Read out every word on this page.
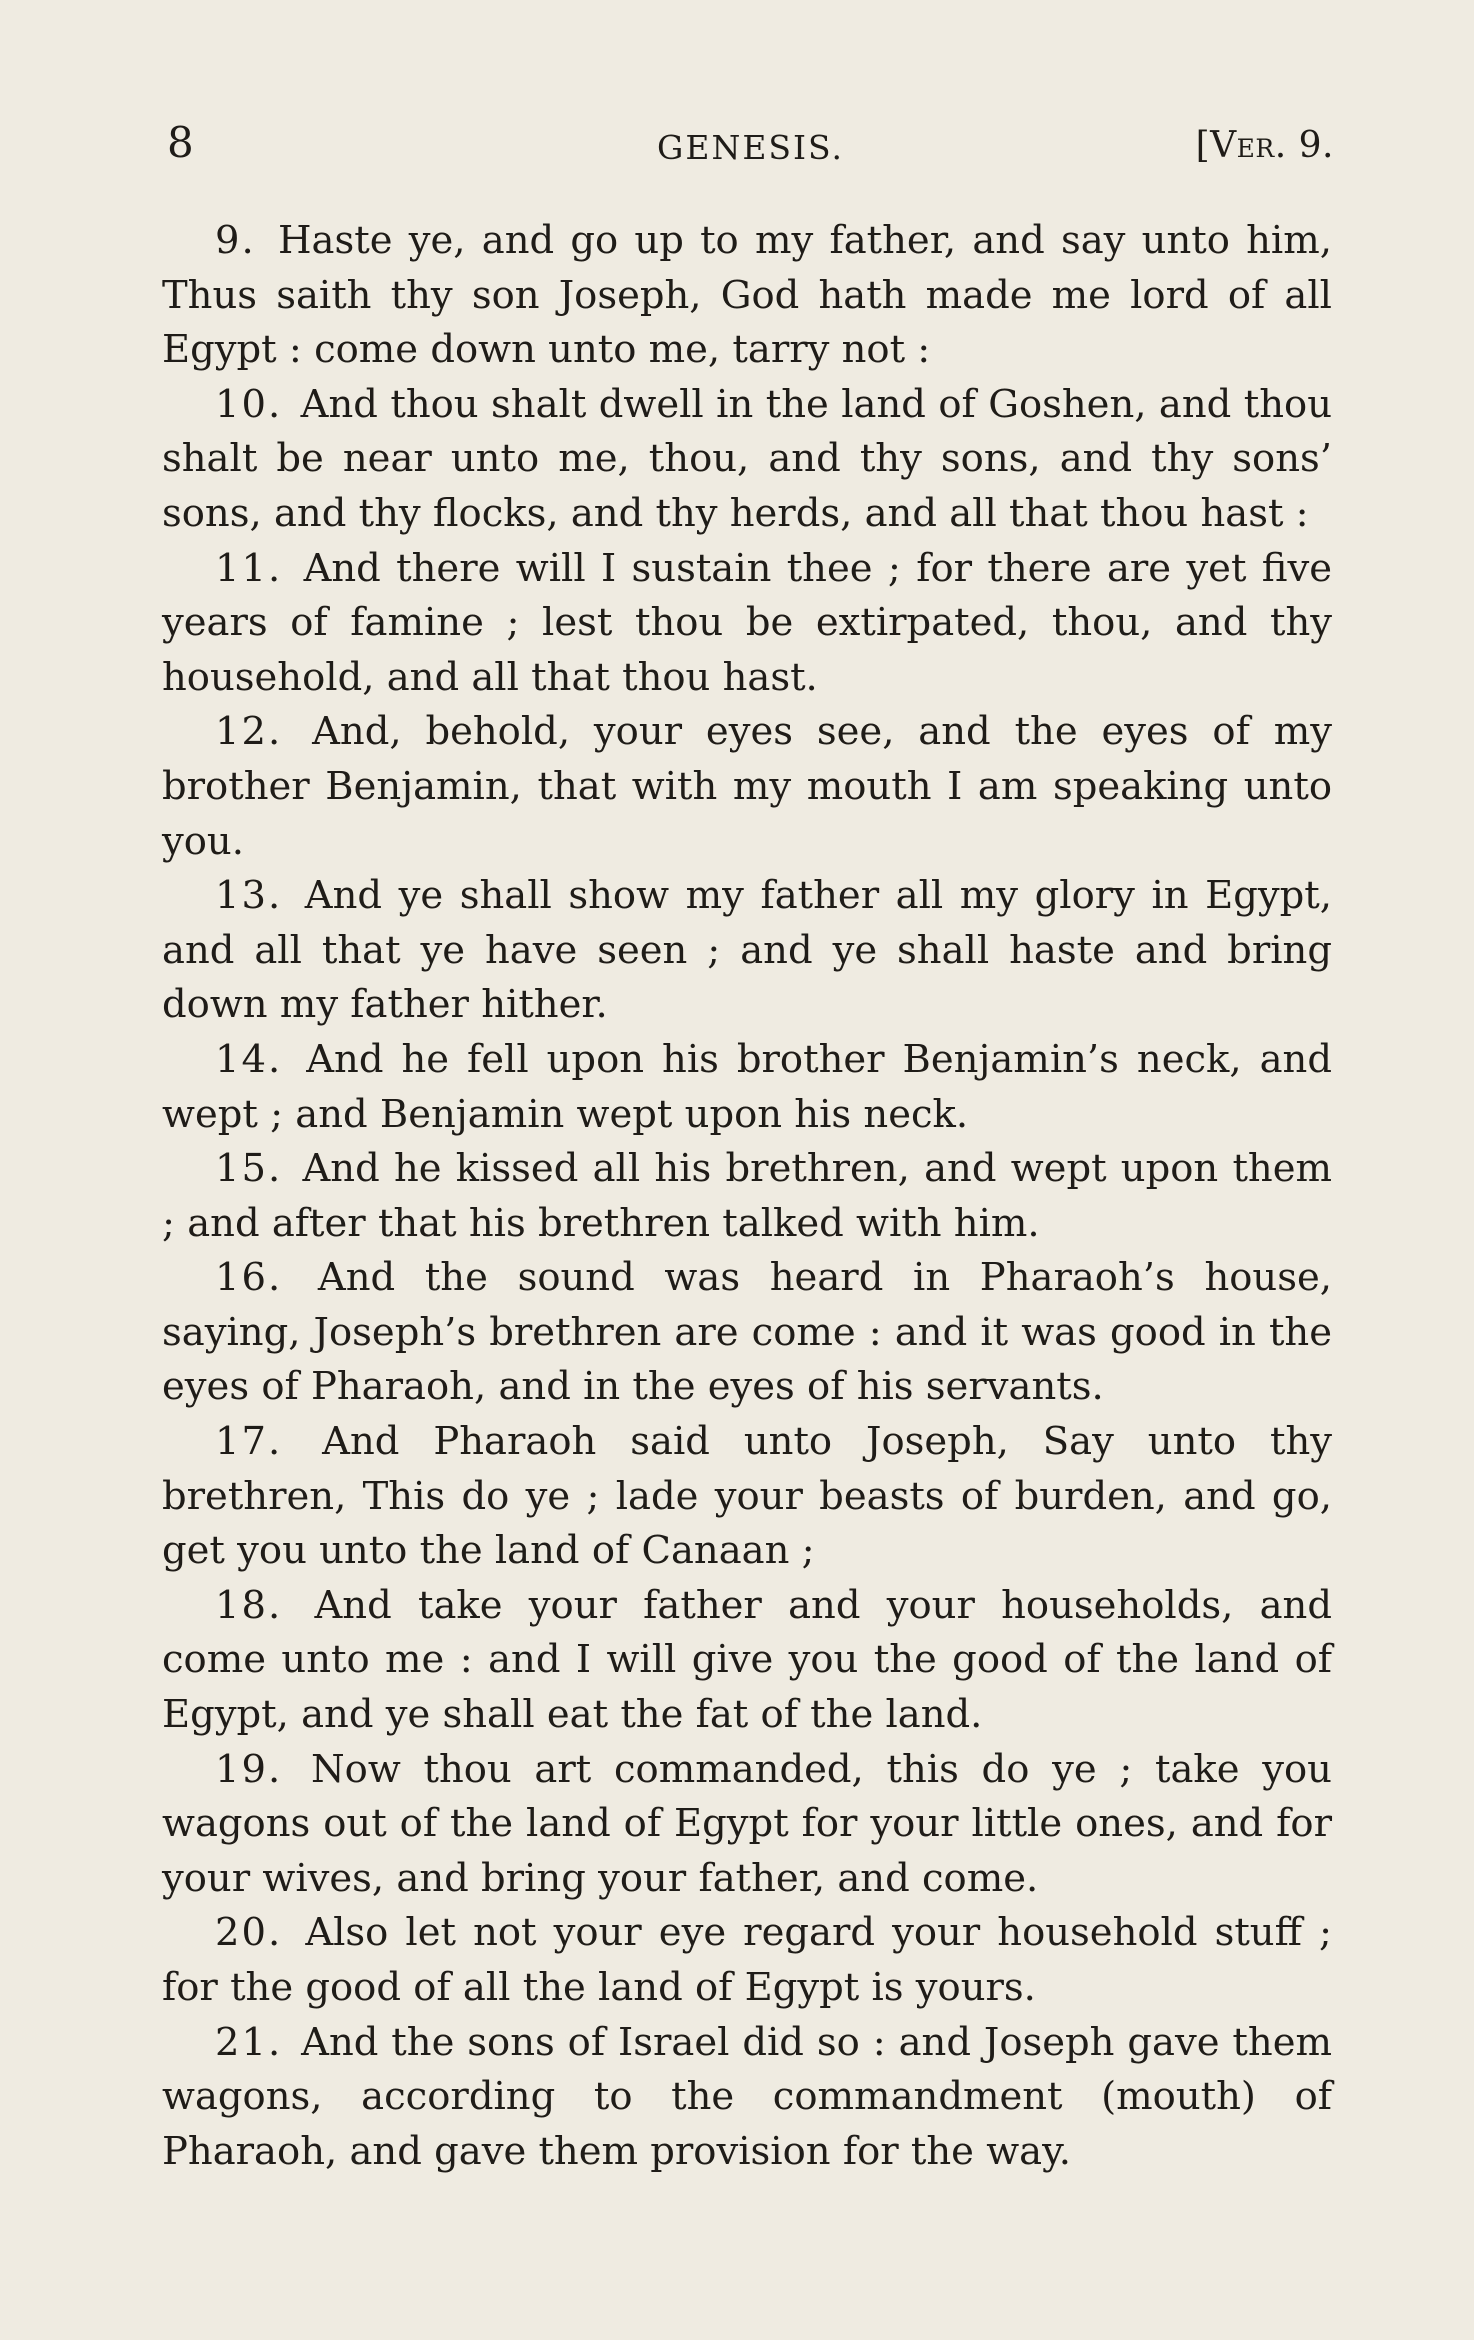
8	GENESIS.	[Ver. 9.

9. Haste ye, and go up to my father, and say unto him, Thus saith thy son Joseph, God hath made me lord of all Egypt : come down unto me, tarry not :

10. And thou shalt dwell in the land of Goshen, and thou shalt be near unto me, thou, and thy sons, and thy sons’ sons, and thy flocks, and thy herds, and all that thou hast :

11. And there will I sustain thee ; for there are yet five years of famine ; lest thou be extirpated, thou, and thy household, and all that thou hast.

12. And, behold, your eyes see, and the eyes of my brother Benjamin, that with my mouth I am speaking unto you.

13. And ye shall show my father all my glory in Egypt, and all that ye have seen ; and ye shall haste and bring down my father hither.

14. And he fell upon his brother Benjamin’s neck, and wept ; and Benjamin wept upon his neck.

15. And he kissed all his brethren, and wept upon them ; and after that his brethren talked with him.

16. And the sound was heard in Pharaoh’s house, saying, Joseph’s brethren are come : and it was good in the eyes of Pharaoh, and in the eyes of his servants.

17. And Pharaoh said unto Joseph, Say unto thy brethren, This do ye ; lade your beasts of burden, and go, get you unto the land of Canaan ;

18. And take your father and your households, and come unto me : and I will give you the good of the land of Egypt, and ye shall eat the fat of the land.

19. Now thou art commanded, this do ye ; take you wagons out of the land of Egypt for your little ones, and for your wives, and bring your father, and come.

20. Also let not your eye regard your household stuff ; for the good of all the land of Egypt is yours.

21. And the sons of Israel did so : and Joseph gave them wagons, according to the commandment (mouth) of Pharaoh, and gave them provision for the way.
